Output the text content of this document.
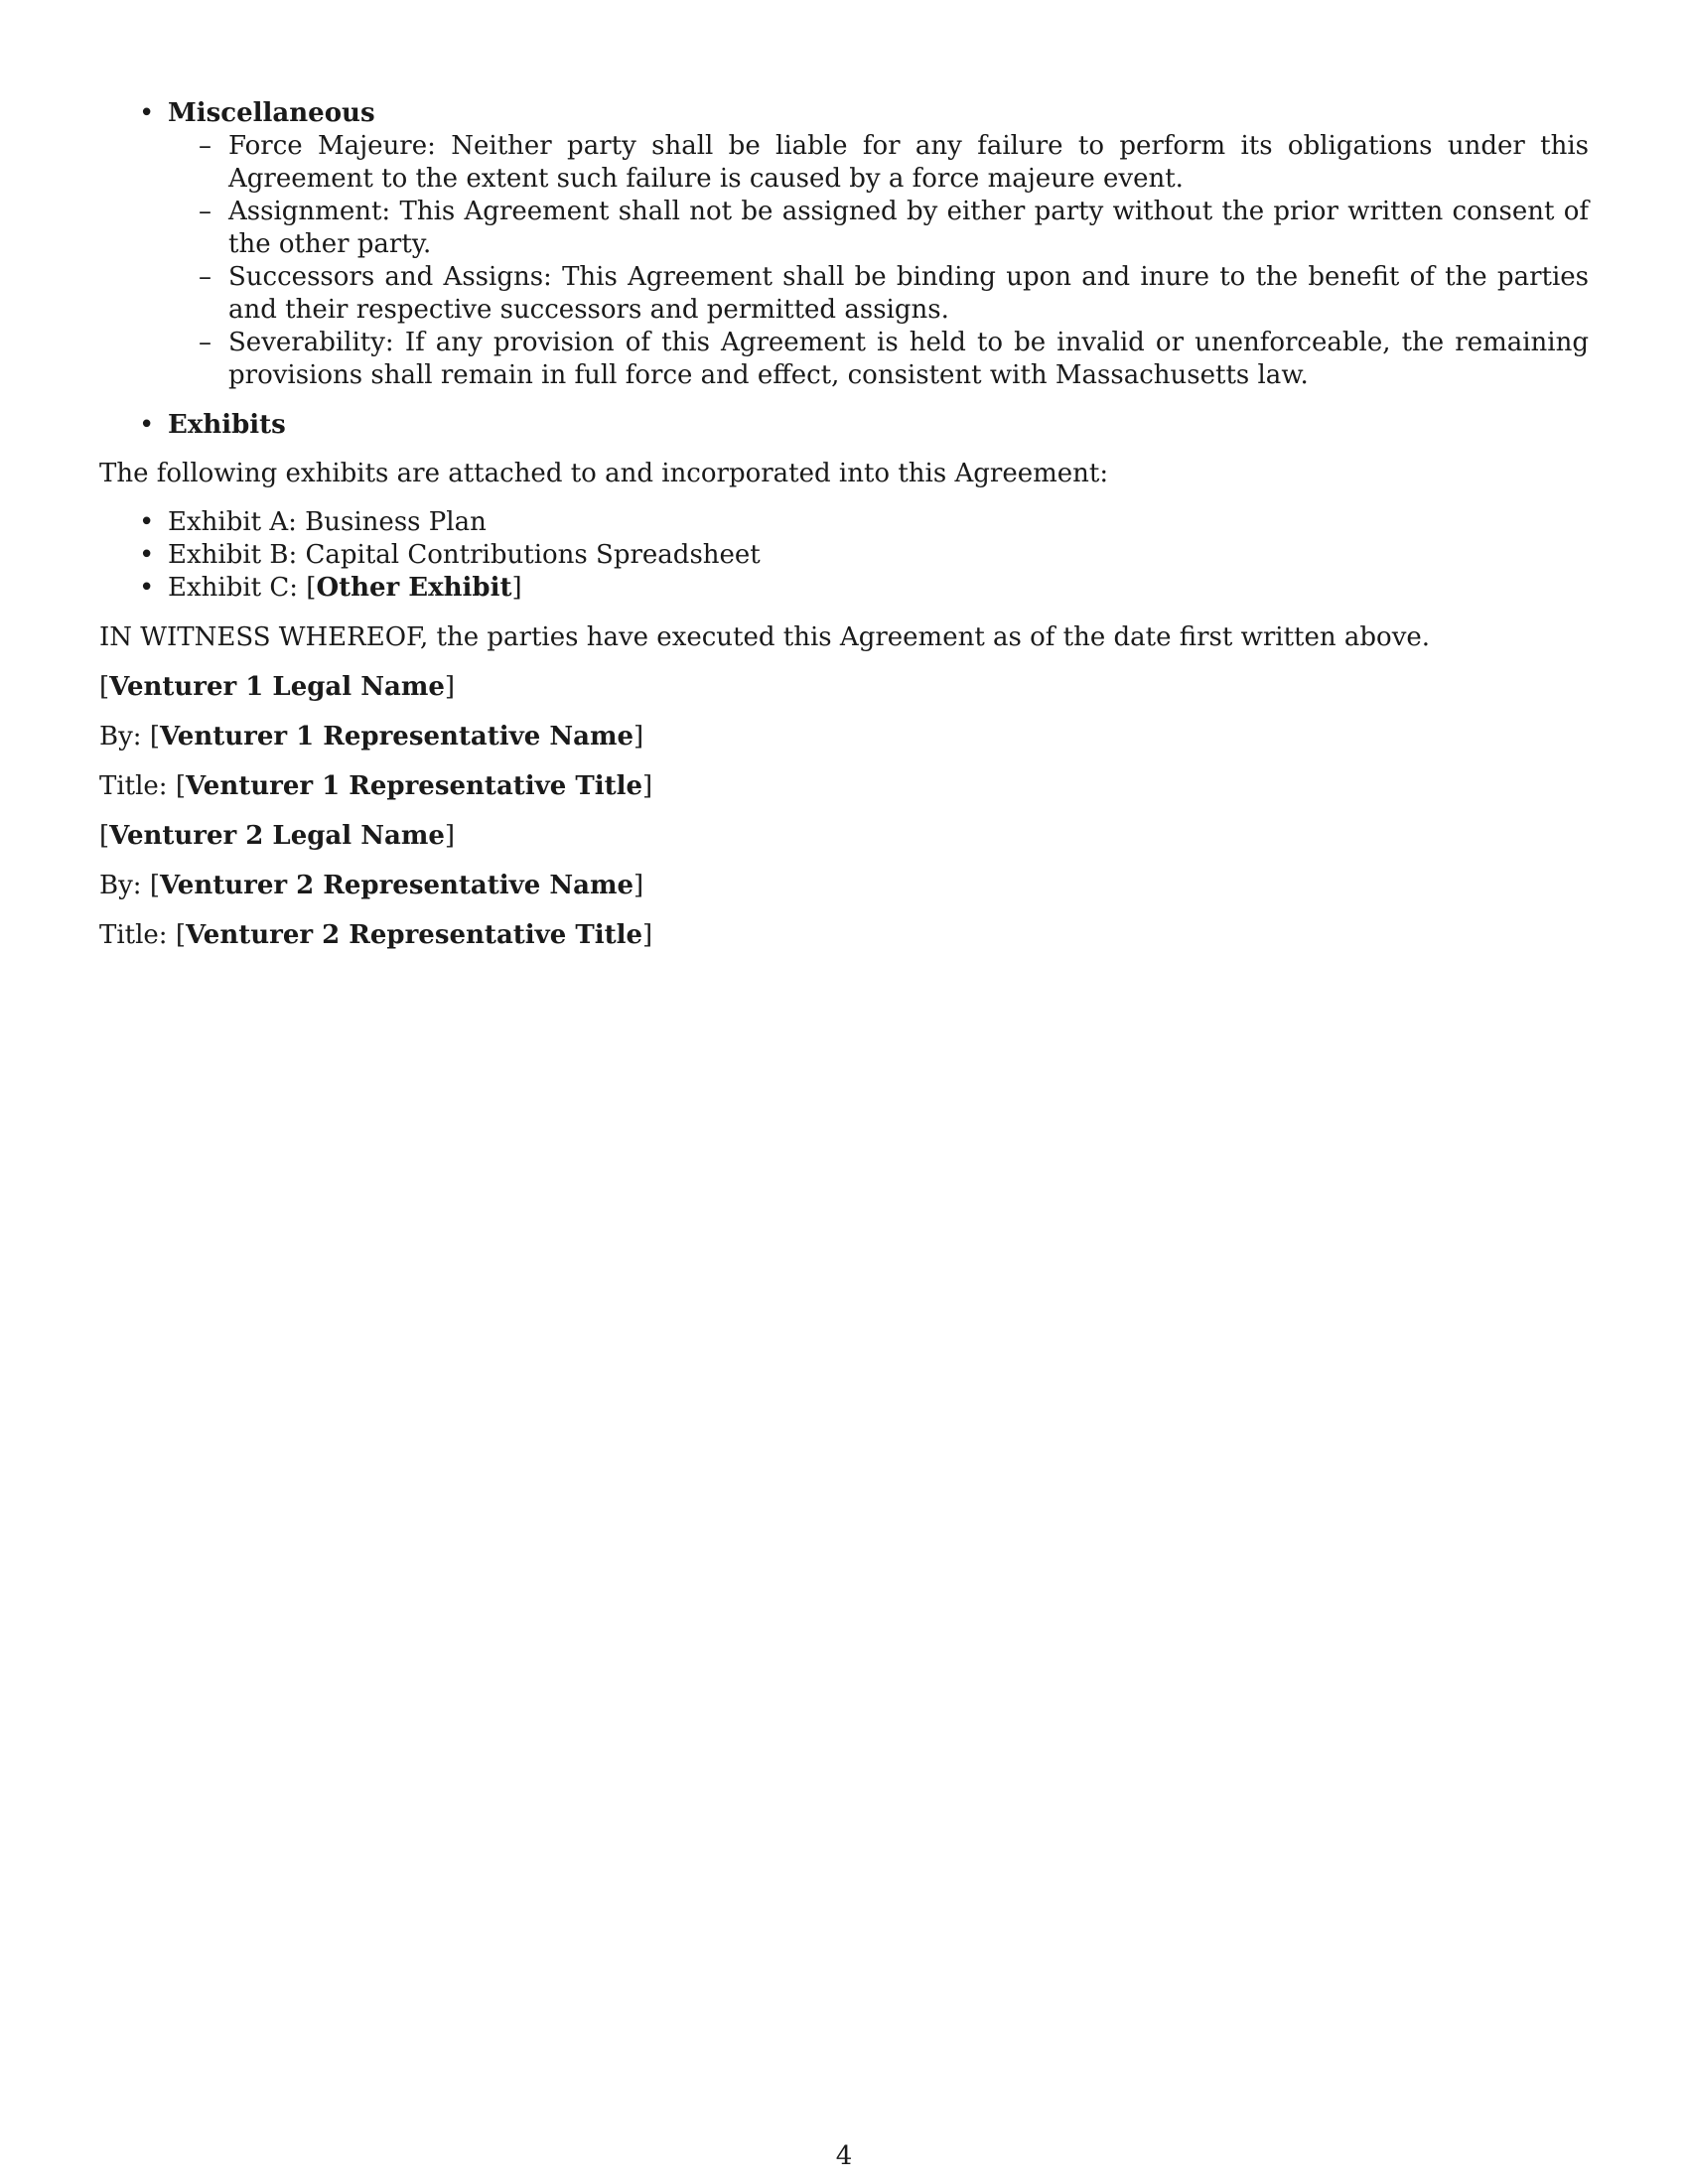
• Miscellaneous
– Force Majeure: Neither party shall be liable for any failure to perform its obligations under this Agreement to the extent such failure is caused by a force majeure event.
– Assignment: This Agreement shall not be assigned by either party without the prior written consent of the other party.
– Successors and Assigns: This Agreement shall be binding upon and inure to the benefit of the parties and their respective successors and permitted assigns.
– Severability: If any provision of this Agreement is held to be invalid or unenforceable, the remaining provisions shall remain in full force and effect, consistent with Massachusetts law.
• Exhibits

The following exhibits are attached to and incorporated into this Agreement:

• Exhibit A: Business Plan
• Exhibit B: Capital Contributions Spreadsheet
• Exhibit C: [Other Exhibit]

IN WITNESS WHEREOF, the parties have executed this Agreement as of the date first written above.

[Venturer 1 Legal Name]

By: [Venturer 1 Representative Name]

Title: [Venturer 1 Representative Title]

[Venturer 2 Legal Name]

By: [Venturer 2 Representative Name]

Title: [Venturer 2 Representative Title]

4
